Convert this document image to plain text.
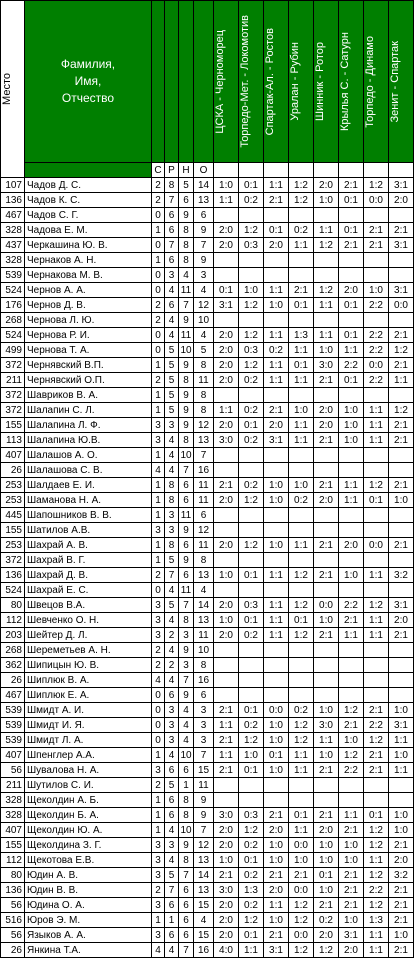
Место	Фамилия, Имя, Отчество					ЦСКА - Черноморец	Торпедо-Мет. - Локомотив	Спартак-Ал. - Ростов	Уралан - Рубин	Шинник - Ротор	Крылья С. - Сатурн	Торпедо - Динамо	Зенит - Спартак

		С	Р	Н	О								
107	Чадов Д. С.	2	8	5	14	1:0	0:1	1:1	1:2	2:0	2:1	1:2	3:1
136	Чадов К. С.	2	7	6	13	1:1	0:2	2:1	1:2	1:0	0:1	0:0	2:0
467	Чадов С. Г.	0	6	9	6								
328	Чадова Е. М.	1	6	8	9	2:0	1:2	0:1	0:2	1:1	0:1	2:1	2:1
437	Черкашина Ю. В.	0	7	8	7	2:0	0:3	2:0	1:1	1:2	2:1	2:1	3:1
328	Чернаков А. Н.	1	6	8	9								
539	Чернакова М. В.	0	3	4	3								
524	Чернов А. А.	0	4	11	4	0:1	1:0	1:1	2:1	1:2	2:0	1:0	3:1
176	Чернов Д. В.	2	6	7	12	3:1	1:2	1:0	0:1	1:1	0:1	2:2	0:0
268	Чернова Л. Ю.	2	4	9	10								
524	Чернова Р. И.	0	4	11	4	2:0	1:2	1:1	1:3	1:1	0:1	2:2	2:1
499	Чернова Т. А.	0	5	10	5	2:0	0:3	0:2	1:1	1:0	1:1	2:2	1:2
372	Чернявский В.П.	1	5	9	8	2:0	1:2	1:1	0:1	3:0	2:2	0:0	2:1
211	Чернявский О.П.	2	5	8	11	2:0	0:2	1:1	1:1	2:1	0:1	2:2	1:1
372	Шавриков В. А.	1	5	9	8								
372	Шалапин С. Л.	1	5	9	8	1:1	0:2	2:1	1:0	2:0	1:0	1:1	1:2
155	Шалапина Л. Ф.	3	3	9	12	2:0	0:1	2:0	1:1	2:0	1:0	1:1	2:1
113	Шалапина Ю.В.	3	4	8	13	3:0	0:2	3:1	1:1	2:1	1:0	1:1	2:1
407	Шалашов А. О.	1	4	10	7								
26	Шалашова С. В.	4	4	7	16								
253	Шалдаев Е. И.	1	8	6	11	2:1	0:2	1:0	1:0	2:1	1:1	1:2	2:1
253	Шаманова Н. А.	1	8	6	11	2:0	1:2	1:0	0:2	2:0	1:1	0:1	1:0
445	Шапошников В. В.	1	3	11	6								
155	Шатилов А.В.	3	3	9	12								
253	Шахрай А. В.	1	8	6	11	2:0	1:2	1:0	1:1	2:1	2:0	0:0	2:1
372	Шахрай В. Г.	1	5	9	8								
136	Шахрай Д. В.	2	7	6	13	1:0	0:1	1:1	1:2	2:1	1:0	1:1	3:2
524	Шахрай Е. С.	0	4	11	4								
80	Швецов В.А.	3	5	7	14	2:0	0:3	1:1	1:2	0:0	2:2	1:2	3:1
112	Шевченко О. Н.	3	4	8	13	1:0	0:1	1:1	0:1	1:0	2:1	1:1	2:0
203	Шейтер Д. Л.	3	2	3	11	2:0	0:2	1:1	1:2	2:1	1:1	1:1	2:1
268	Шереметьев А. Н.	2	4	9	10								
362	Шипицын Ю. В.	2	2	3	8								
26	Шиплюк В. А.	4	4	7	16								
467	Шиплюк Е. А.	0	6	9	6								
539	Шмидт А. И.	0	3	4	3	2:1	0:1	0:0	0:2	1:0	1:2	2:1	1:0
539	Шмидт И. Я.	0	3	4	3	1:1	0:2	1:0	1:2	3:0	2:1	2:2	3:1
539	Шмидт Л. А.	0	3	4	3	2:1	1:2	1:0	1:2	1:1	1:0	1:2	1:1
407	Шпенглер А.А.	1	4	10	7	1:1	1:0	0:1	1:1	1:0	1:2	2:1	1:0
56	Шувалова Н. А.	3	6	6	15	2:1	0:1	1:0	1:1	2:1	2:2	2:1	1:1
211	Шутилов С. И.	2	5	1	11								
328	Щеколдин А. Б.	1	6	8	9								
328	Щеколдин Б. А.	1	6	8	9	3:0	0:3	2:1	0:1	2:1	1:1	0:1	1:0
407	Щеколдин Ю. А.	1	4	10	7	2:0	1:2	2:0	1:1	2:0	2:1	1:2	1:0
155	Щеколдина З. Г.	3	3	9	12	2:0	0:2	1:0	0:0	1:0	1:0	1:2	2:1
112	Щекотова Е.В.	3	4	8	13	1:0	0:1	1:0	1:0	1:0	1:0	1:1	2:0
80	Юдин А. В.	3	5	7	14	2:1	0:2	2:1	2:1	0:1	2:1	1:2	3:2
136	Юдин В. В.	2	7	6	13	3:0	1:3	2:0	0:0	1:0	2:1	2:2	2:1
56	Юдина О. А.	3	6	6	15	2:0	0:2	1:1	1:2	2:1	2:1	1:2	2:1
516	Юров Э. М.	1	1	6	4	2:0	1:2	1:0	1:2	0:2	1:0	1:3	2:1
56	Языков А. А.	3	6	6	15	2:0	0:1	2:1	0:0	2:0	3:1	1:1	1:0
26	Янкина Т.А.	4	4	7	16	4:0	1:1	3:1	1:2	1:2	2:0	1:1	2:1
